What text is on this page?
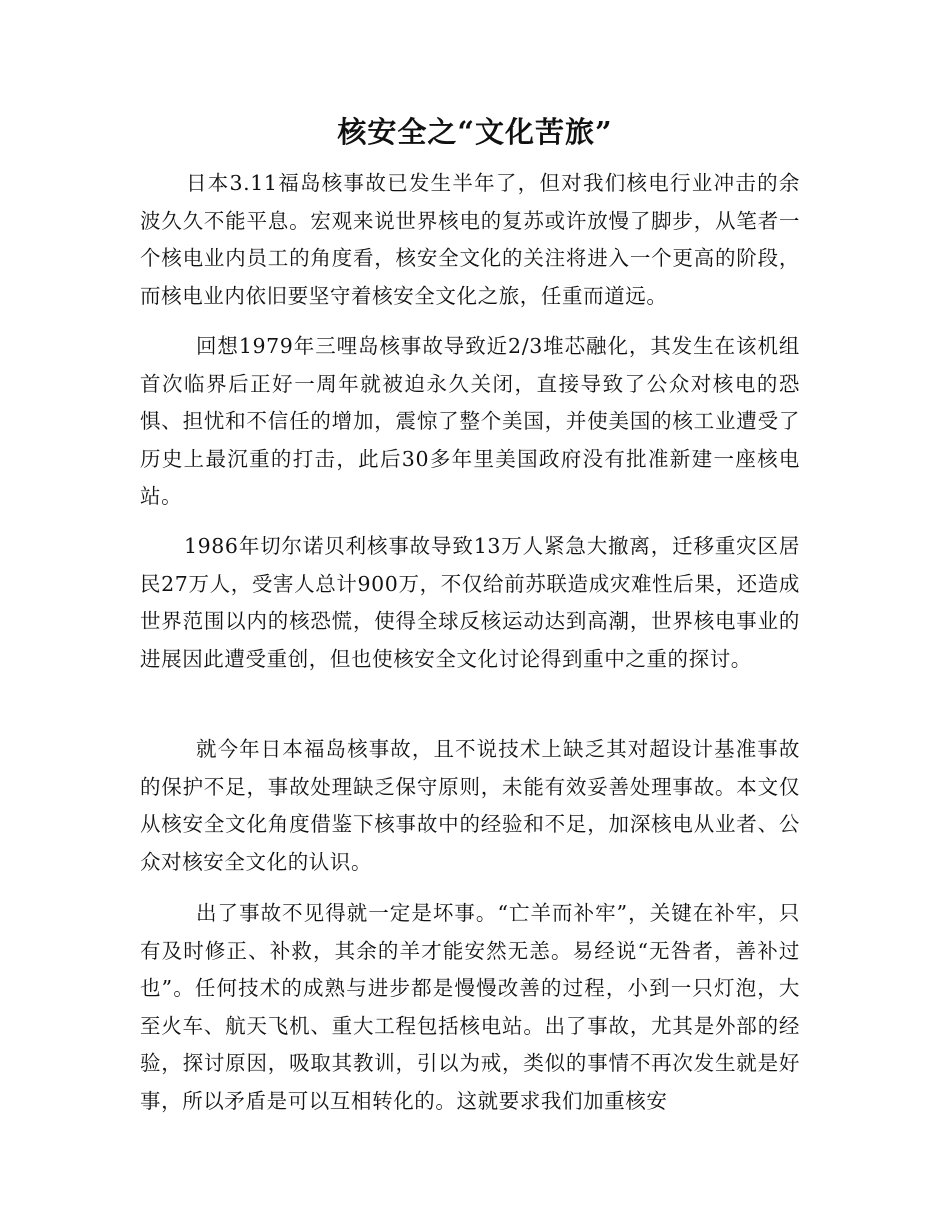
核安全之“文化苦旅”

日本3.11福岛核事故已发生半年了，但对我们核电行业冲击的余波久久不能平息。宏观来说世界核电的复苏或许放慢了脚步，从笔者一个核电业内员工的角度看，核安全文化的关注将进入一个更高的阶段，而核电业内依旧要坚守着核安全文化之旅，任重而道远。

回想1979年三哩岛核事故导致近2/3堆芯融化，其发生在该机组首次临界后正好一周年就被迫永久关闭，直接导致了公众对核电的恐惧、担忧和不信任的增加，震惊了整个美国，并使美国的核工业遭受了历史上最沉重的打击，此后30多年里美国政府没有批准新建一座核电站。

1986年切尔诺贝利核事故导致13万人紧急大撤离，迁移重灾区居民27万人，受害人总计900万，不仅给前苏联造成灾难性后果，还造成世界范围以内的核恐慌，使得全球反核运动达到高潮，世界核电事业的进展因此遭受重创，但也使核安全文化讨论得到重中之重的探讨。

就今年日本福岛核事故，且不说技术上缺乏其对超设计基准事故的保护不足，事故处理缺乏保守原则，未能有效妥善处理事故。本文仅从核安全文化角度借鉴下核事故中的经验和不足，加深核电从业者、公众对核安全文化的认识。

出了事故不见得就一定是坏事。“亡羊而补牢”，关键在补牢，只有及时修正、补救，其余的羊才能安然无恙。易经说“无咎者，善补过也”。任何技术的成熟与进步都是慢慢改善的过程，小到一只灯泡，大至火车、航天飞机、重大工程包括核电站。出了事故，尤其是外部的经验，探讨原因，吸取其教训，引以为戒，类似的事情不再次发生就是好事，所以矛盾是可以互相转化的。这就要求我们加重核安
